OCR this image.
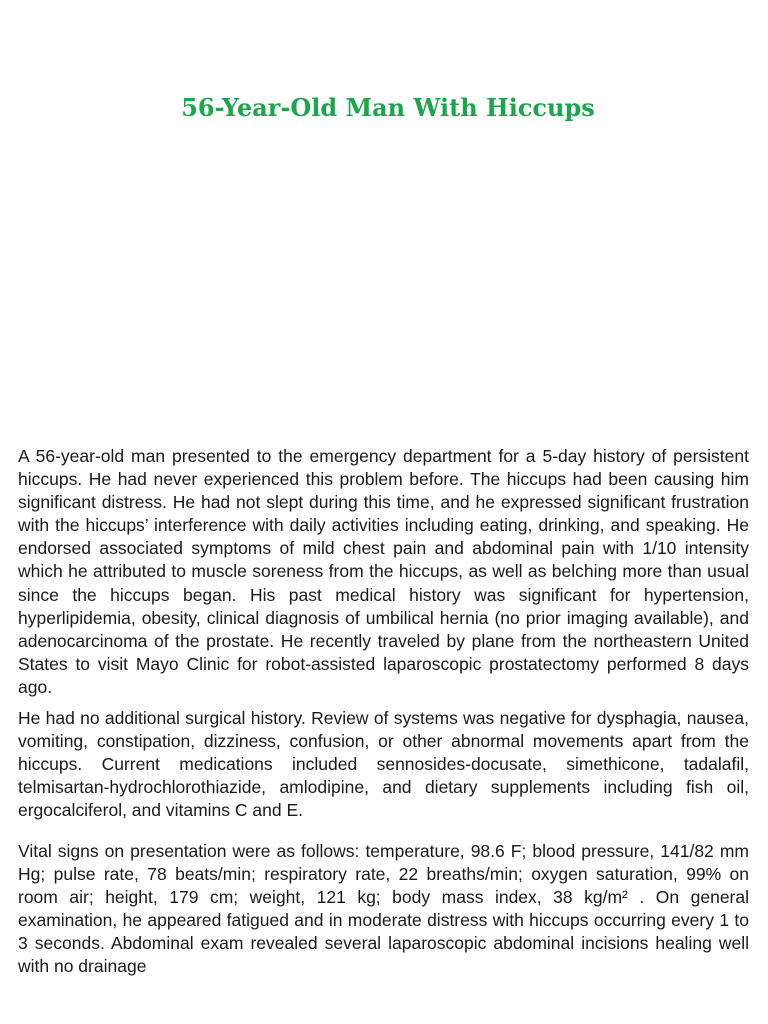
56-Year-Old Man With Hiccups

A 56-year-old man presented to the emergency department for a 5-day history of persistent hiccups. He had never experienced this problem before. The hiccups had been causing him significant distress. He had not slept during this time, and he expressed significant frustration with the hiccups’ interference with daily activities including eating, drinking, and speaking. He endorsed associated symptoms of mild chest pain and abdominal pain with 1/10 intensity which he attributed to muscle soreness from the hiccups, as well as belching more than usual since the hiccups began. His past medical history was significant for hypertension, hyperlipidemia, obesity, clinical diagnosis of umbilical hernia (no prior imaging available), and adenocarcinoma of the prostate. He recently traveled by plane from the northeastern United States to visit Mayo Clinic for robot-assisted laparoscopic prostatectomy performed 8 days ago.

He had no additional surgical history. Review of systems was negative for dysphagia, nausea, vomiting, constipation, dizziness, confusion, or other abnormal movements apart from the hiccups. Current medications included sennosides-docusate, simethicone, tadalafil, telmisartan-hydrochlorothiazide, amlodipine, and dietary supplements including fish oil, ergocalciferol, and vitamins C and E.

Vital signs on presentation were as follows: temperature, 98.6 F; blood pressure, 141/82 mm Hg; pulse rate, 78 beats/min; respiratory rate, 22 breaths/min; oxygen saturation, 99% on room air; height, 179 cm; weight, 121 kg; body mass index, 38 kg/m² . On general examination, he appeared fatigued and in moderate distress with hiccups occurring every 1 to 3 seconds. Abdominal exam revealed several laparoscopic abdominal incisions healing well with no drainage
